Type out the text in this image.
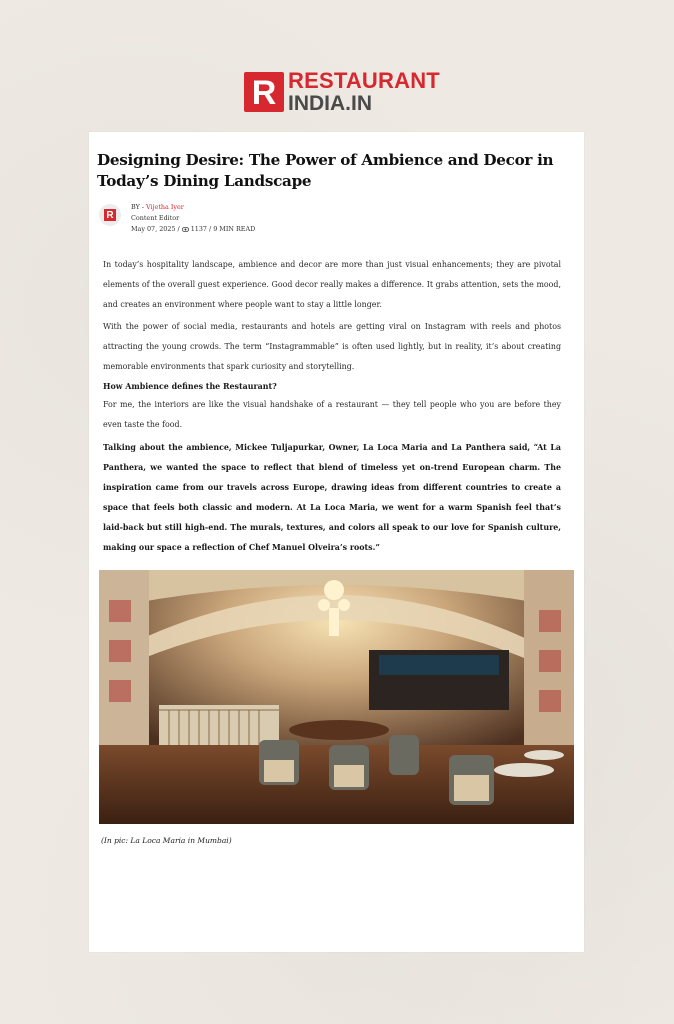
R RESTAURANT
INDIA.IN
Designing Desire: The Power of Ambience and Decor in Today’s Dining Landscape
R
BY - Vijetha Iyer
Content Editor
May 07, 2025 /  1137 / 9 MIN READ

In today’s hospitality landscape, ambience and decor are more than just visual enhancements; they are pivotal elements of the overall guest experience. Good decor really makes a difference. It grabs attention, sets the mood, and creates an environment where people want to stay a little longer.

With the power of social media, restaurants and hotels are getting viral on Instagram with reels and photos attracting the young crowds. The term “Instagrammable” is often used lightly, but in reality, it’s about creating memorable environments that spark curiosity and storytelling.

How Ambience defines the Restaurant?

For me, the interiors are like the visual handshake of a restaurant — they tell people who you are before they even taste the food.

Talking about the ambience, Mickee Tuljapurkar, Owner, La Loca Maria and La Panthera said, “At La Panthera, we wanted the space to reflect that blend of timeless yet on-trend European charm. The inspiration came from our travels across Europe, drawing ideas from different countries to create a space that feels both classic and modern. At La Loca Maria, we went for a warm Spanish feel that’s laid-back but still high-end. The murals, textures, and colors all speak to our love for Spanish culture, making our space a reflection of Chef Manuel Olveira’s roots.”

(In pic: La Loca Maria in Mumbai)
